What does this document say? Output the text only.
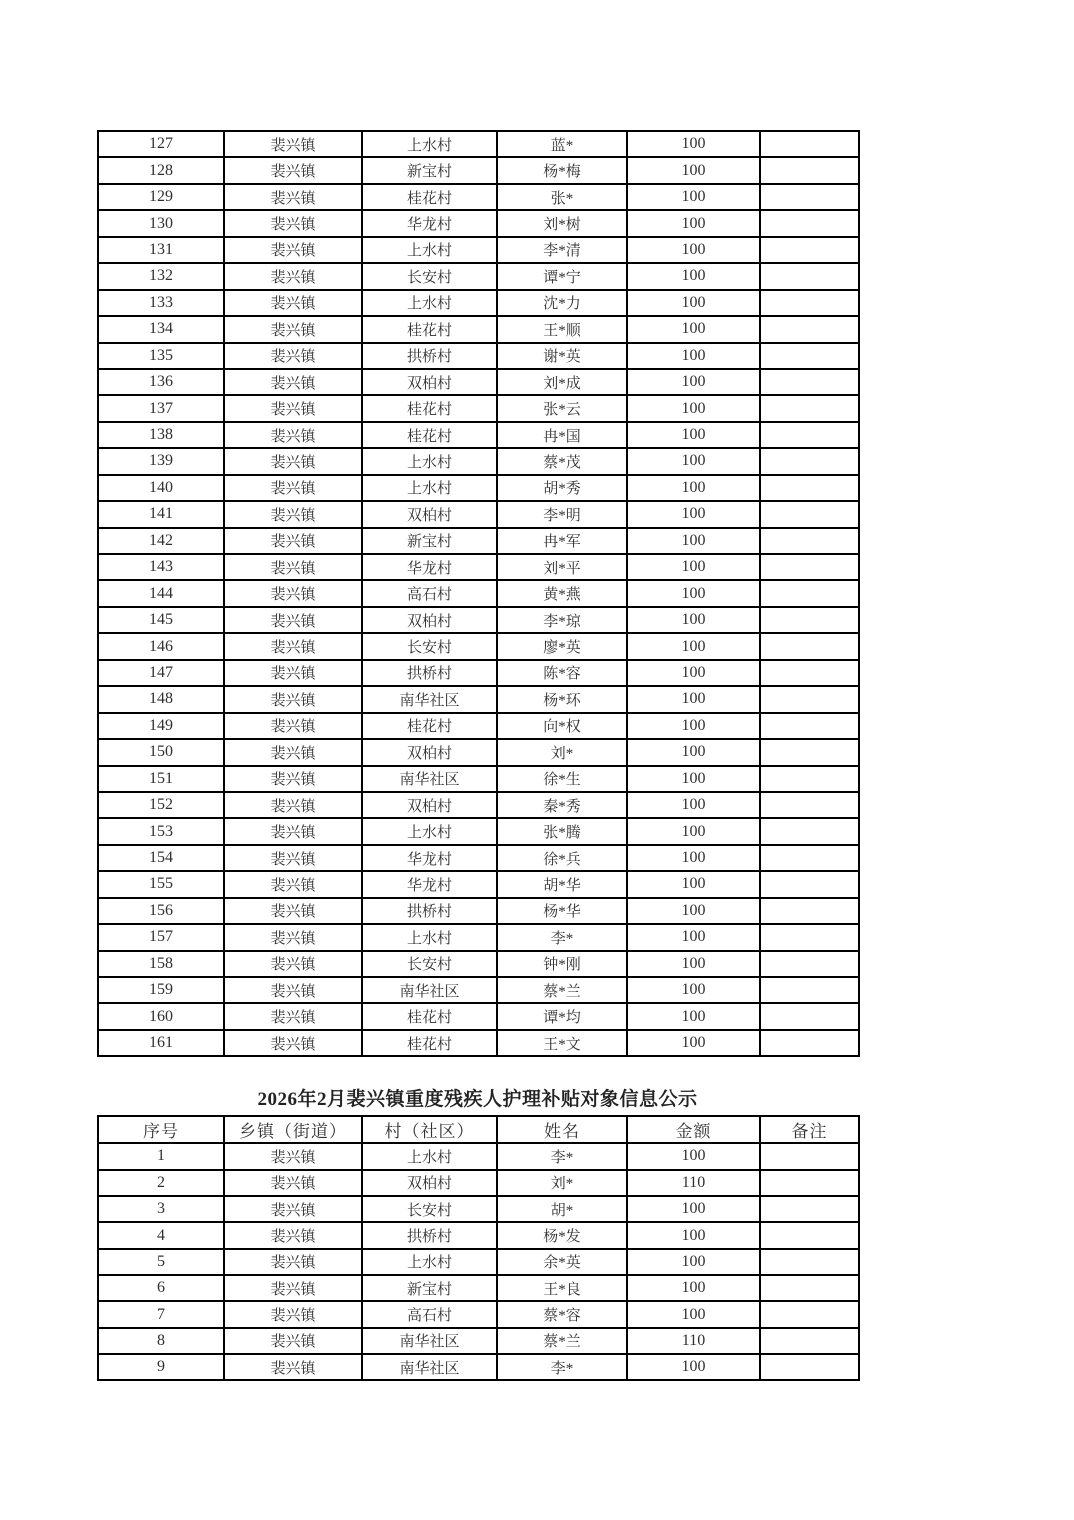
127	裴兴镇	上水村	蓝*	100	
128	裴兴镇	新宝村	杨*梅	100	
129	裴兴镇	桂花村	张*	100	
130	裴兴镇	华龙村	刘*树	100	
131	裴兴镇	上水村	李*清	100	
132	裴兴镇	长安村	谭*宁	100	
133	裴兴镇	上水村	沈*力	100	
134	裴兴镇	桂花村	王*顺	100	
135	裴兴镇	拱桥村	谢*英	100	
136	裴兴镇	双柏村	刘*成	100	
137	裴兴镇	桂花村	张*云	100	
138	裴兴镇	桂花村	冉*国	100	
139	裴兴镇	上水村	蔡*茂	100	
140	裴兴镇	上水村	胡*秀	100	
141	裴兴镇	双柏村	李*明	100	
142	裴兴镇	新宝村	冉*军	100	
143	裴兴镇	华龙村	刘*平	100	
144	裴兴镇	高石村	黄*燕	100	
145	裴兴镇	双柏村	李*琼	100	
146	裴兴镇	长安村	廖*英	100	
147	裴兴镇	拱桥村	陈*容	100	
148	裴兴镇	南华社区	杨*环	100	
149	裴兴镇	桂花村	向*权	100	
150	裴兴镇	双柏村	刘*	100	
151	裴兴镇	南华社区	徐*生	100	
152	裴兴镇	双柏村	秦*秀	100	
153	裴兴镇	上水村	张*腾	100	
154	裴兴镇	华龙村	徐*兵	100	
155	裴兴镇	华龙村	胡*华	100	
156	裴兴镇	拱桥村	杨*华	100	
157	裴兴镇	上水村	李*	100	
158	裴兴镇	长安村	钟*刚	100	
159	裴兴镇	南华社区	蔡*兰	100	
160	裴兴镇	桂花村	谭*均	100	
161	裴兴镇	桂花村	王*文	100	
2026年2月裴兴镇重度残疾人护理补贴对象信息公示
序号	乡镇（街道）	村（社区）	姓名	金额	备注
1	裴兴镇	上水村	李*	100	
2	裴兴镇	双柏村	刘*	110	
3	裴兴镇	长安村	胡*	100	
4	裴兴镇	拱桥村	杨*发	100	
5	裴兴镇	上水村	余*英	100	
6	裴兴镇	新宝村	王*良	100	
7	裴兴镇	高石村	蔡*容	100	
8	裴兴镇	南华社区	蔡*兰	110	
9	裴兴镇	南华社区	李*	100	
